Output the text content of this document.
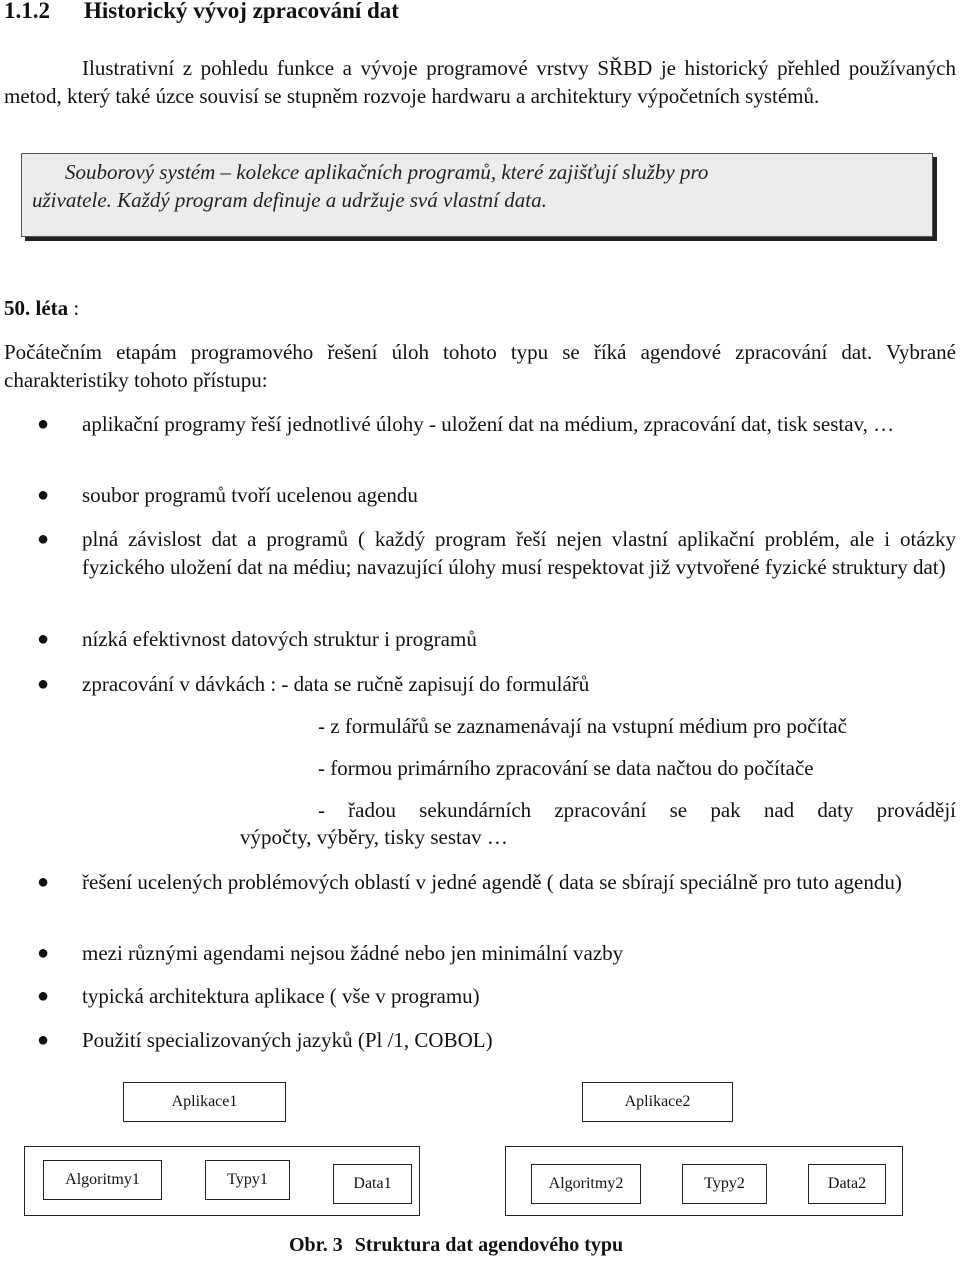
1.1.2 Historický vývoj zpracování dat
Ilustrativní z pohledu funkce a vývoje programové vrstvy SŘBD je historický přehled používaných metod, který také úzce souvisí se stupněm rozvoje hardwaru a architektury výpočetních systémů.
Souborový systém – kolekce aplikačních programů, které zajišťují služby pro
uživatele. Každý program definuje a udržuje svá vlastní data.
50. léta :
Počátečním etapám programového řešení úloh tohoto typu se říká agendové zpracování dat. Vybrané charakteristiky tohoto přístupu:
● aplikační programy řeší jednotlivé úlohy - uložení dat na médium, zpracování dat, tisk sestav, …
● soubor programů tvoří ucelenou agendu
● plná závislost dat a programů ( každý program řeší nejen vlastní aplikační problém, ale i otázky fyzického uložení dat na médiu; navazující úlohy musí respektovat již vytvořené fyzické struktury dat)
● nízká efektivnost datových struktur i programů
● zpracování v dávkách : - data se ručně zapisují do formulářů
- z formulářů se zaznamenávají na vstupní médium pro počítač
- formou primárního zpracování se data načtou do počítače
- řadou sekundárních zpracování se pak nad daty provádějí
výpočty, výběry, tisky sestav …
● řešení ucelených problémových oblastí v jedné agendě ( data se sbírají speciálně pro tuto agendu)
● mezi různými agendami nejsou žádné nebo jen minimální vazby
● typická architektura aplikace ( vše v programu)
● Použití specializovaných jazyků (Pl /1, COBOL)
Aplikace1	Aplikace2
Algoritmy1	Typy1	Data1	Algoritmy2	Typy2	Data2
Obr. 3 Struktura dat agendového typu
